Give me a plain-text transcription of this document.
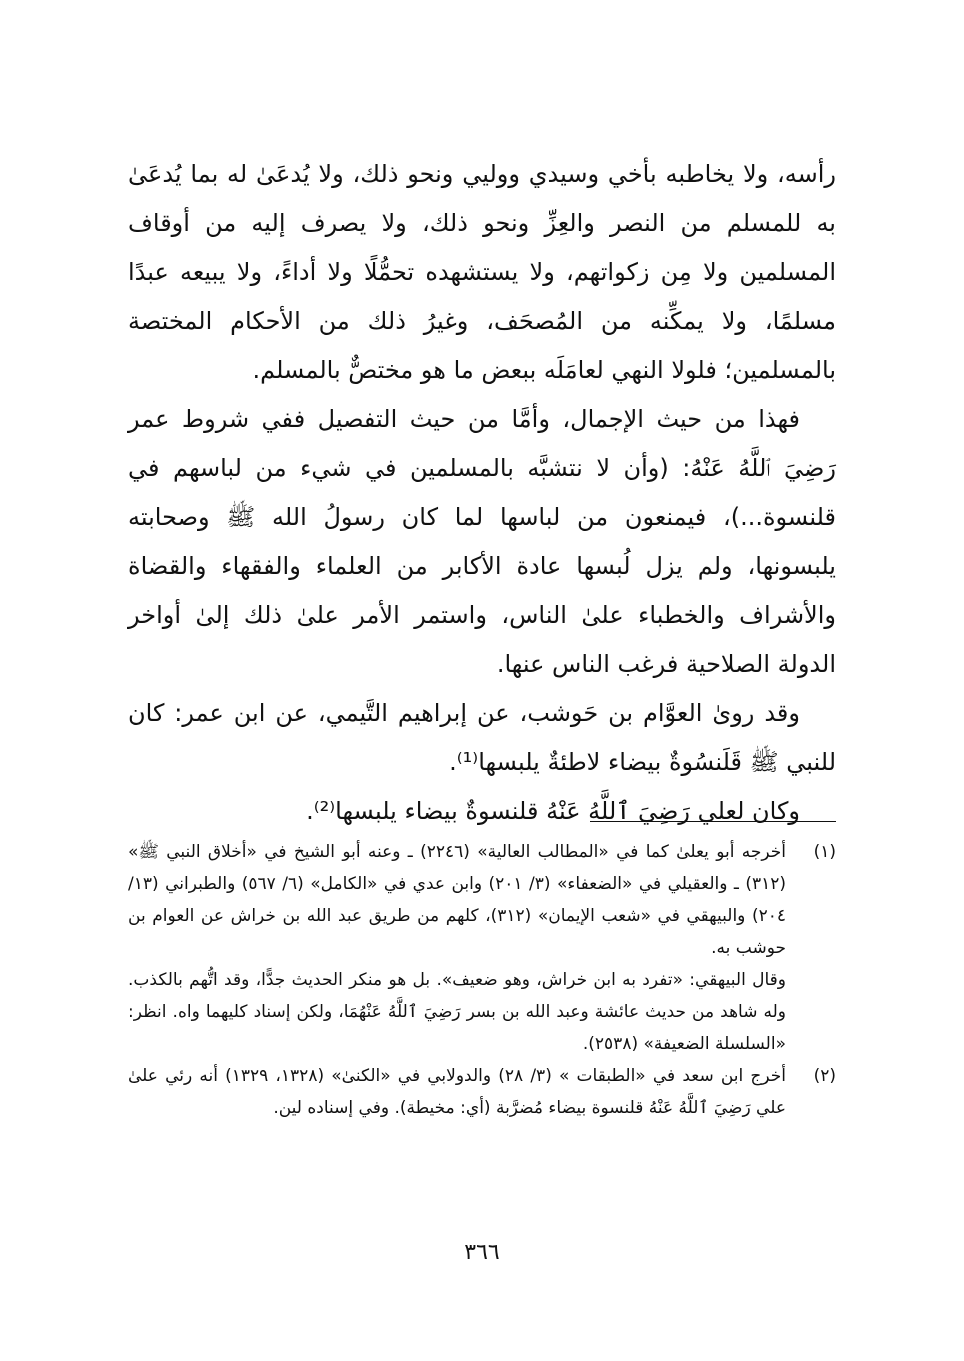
رأسه، ولا يخاطبه بأخي وسيدي ووليي ونحو ذلك، ولا يُدعَىٰ له بما يُدعَىٰ به للمسلم من النصر والعِزِّ ونحو ذلك، ولا يصرف إليه من أوقاف المسلمين ولا مِن زكواتهم، ولا يستشهده تحمُّلًا ولا أداءً، ولا يبيعه عبدًا مسلمًا، ولا يمكِّنه من المُصحَف، وغيرُ ذلك من الأحكام المختصة بالمسلمين؛ فلولا النهي لعامَلَه ببعض ما هو مختصٌّ بالمسلم.

فهذا من حيث الإجمال، وأمَّا من حيث التفصيل ففي شروط عمر رَضِيَ ٱللَّهُ عَنْهُ: (وأن لا نتشبَّه بالمسلمين في شيء من لباسهم في قلنسوة...)، فيمنعون من لباسها لما كان رسولُ الله ﷺ وصحابته يلبسونها، ولم يزل لُبسها عادة الأكابر من العلماء والفقهاء والقضاة والأشراف والخطباء علىٰ الناس، واستمر الأمر علىٰ ذلك إلىٰ أواخر الدولة الصلاحية فرغب الناس عنها.

وقد روىٰ العوَّام بن حَوشب، عن إبراهيم التَّيمي، عن ابن عمر: كان للنبي ﷺ قَلَنسُوةٌ بيضاء لاطئةٌ يلبسها⁽¹⁾.

وكان لعلي رَضِيَ ٱللَّهُ عَنْهُ قلنسوةٌ بيضاء يلبسها⁽²⁾.

(١)

أخرجه أبو يعلىٰ كما في «المطالب العالية» (٢٢٤٦) ـ وعنه أبو الشيخ في «أخلاق النبي ﷺ» (٣١٢) ـ والعقيلي في «الضعفاء» (٣/ ٢٠١) وابن عدي في «الكامل» (٦/ ٥٦٧) والطبراني (١٣/ ٢٠٤) والبيهقي في «شعب الإيمان» (٣١٢)، كلهم من طريق عبد الله بن خراش عن العوام بن حوشب به.

وقال البيهقي: «تفرد به ابن خراش، وهو ضعيف». بل هو منكر الحديث جدًّا، وقد اتُّهم بالكذب. وله شاهد من حديث عائشة وعبد الله بن بسر رَضِيَ ٱللَّهُ عَنْهُمَا، ولكن إسناد كليهما واه. انظر: «السلسلة الضعيفة» (٢٥٣٨).

(٢)

أخرج ابن سعد في «الطبقات » (٣/ ٢٨) والدولابي في «الكنىٰ» (١٣٢٨، ١٣٢٩) أنه رئي علىٰ علي رَضِيَ ٱللَّهُ عَنْهُ قلنسوة بيضاء مُضرَّبة (أي: مخيطة). وفي إسناده لين.

٣٦٦
